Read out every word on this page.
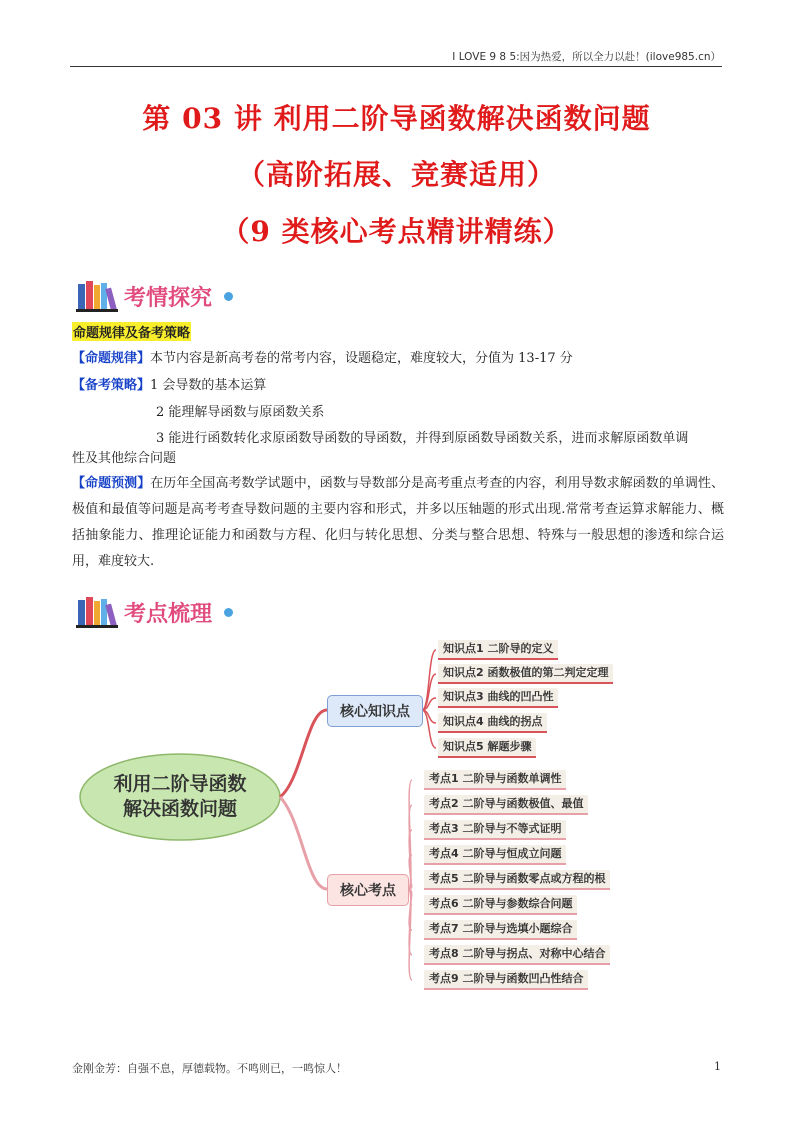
I LOVE 9 8 5:因为热爱，所以全力以赴！(ilove985.cn）
第 03 讲 利用二阶导函数解决函数问题
（高阶拓展、竞赛适用）
（9 类核心考点精讲精练）
考情探究
命题规律及备考策略
【命题规律】本节内容是新高考卷的常考内容，设题稳定，难度较大，分值为 13-17 分
【备考策略】1 会导数的基本运算
2 能理解导函数与原函数关系
3 能进行函数转化求原函数导函数的导函数，并得到原函数导函数关系，进而求解原函数单调
性及其他综合问题
【命题预测】在历年全国高考数学试题中，函数与导数部分是高考重点考查的内容，利用导数求解函数的单调性、极值和最值等问题是高考考查导数问题的主要内容和形式，并多以压轴题的形式出现.常常考查运算求解能力、概括抽象能力、推理论证能力和函数与方程、化归与转化思想、分类与整合思想、特殊与一般思想的渗透和综合运用，难度较大.
考点梳理
利用二阶导函数
解决函数问题
核心知识点
核心考点
知识点1 二阶导的定义
知识点2 函数极值的第二判定定理
知识点3 曲线的凹凸性
知识点4 曲线的拐点
知识点5 解题步骤
考点1 二阶导与函数单调性
考点2 二阶导与函数极值、最值
考点3 二阶导与不等式证明
考点4 二阶导与恒成立问题
考点5 二阶导与函数零点或方程的根
考点6 二阶导与参数综合问题
考点7 二阶导与选填小题综合
考点8 二阶导与拐点、对称中心结合
考点9 二阶导与函数凹凸性结合
金刚金芳：自强不息，厚德载物。不鸣则已，一鸣惊人！	1
